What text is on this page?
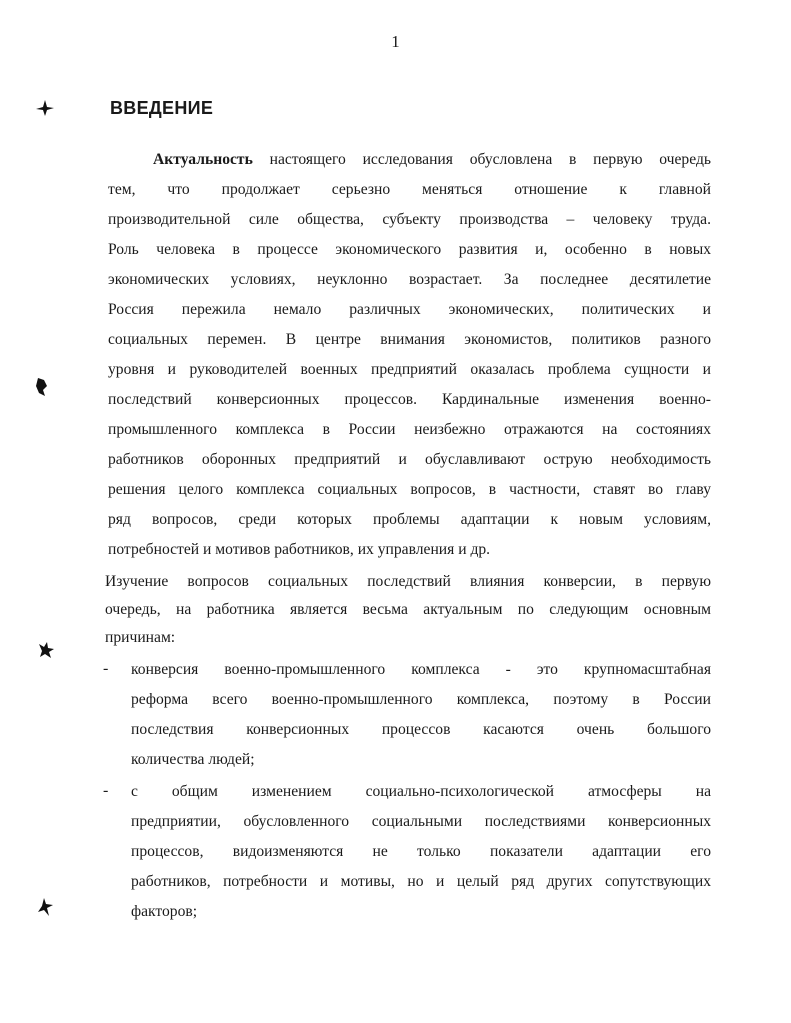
1
ВВЕДЕНИЕ
Актуальность настоящего исследования обусловлена в первую очередь
тем, что продолжает серьезно меняться отношение к главной
производительной силе общества, субъекту производства – человеку труда.
Роль человека в процессе экономического развития и, особенно в новых
экономических условиях, неуклонно возрастает. За последнее десятилетие
Россия пережила немало различных экономических, политических и
социальных перемен. В центре внимания экономистов, политиков разного
уровня и руководителей военных предприятий оказалась проблема сущности и
последствий конверсионных процессов. Кардинальные изменения военно-
промышленного комплекса в России неизбежно отражаются на состояниях
работников оборонных предприятий и обуславливают острую необходимость
решения целого комплекса социальных вопросов, в частности, ставят во главу
ряд вопросов, среди которых проблемы адаптации к новым условиям,
потребностей и мотивов работников, их управления и др.
Изучение вопросов социальных последствий влияния конверсии, в первую
очередь, на работника является весьма актуальным по следующим основным
причинам:
- конверсия военно-промышленного комплекса - это крупномасштабная
реформа всего военно-промышленного комплекса, поэтому в России
последствия конверсионных процессов касаются очень большого
количества людей;
- с общим изменением социально-психологической атмосферы на
предприятии, обусловленного социальными последствиями конверсионных
процессов, видоизменяются не только показатели адаптации его
работников, потребности и мотивы, но и целый ряд других сопутствующих
факторов;
